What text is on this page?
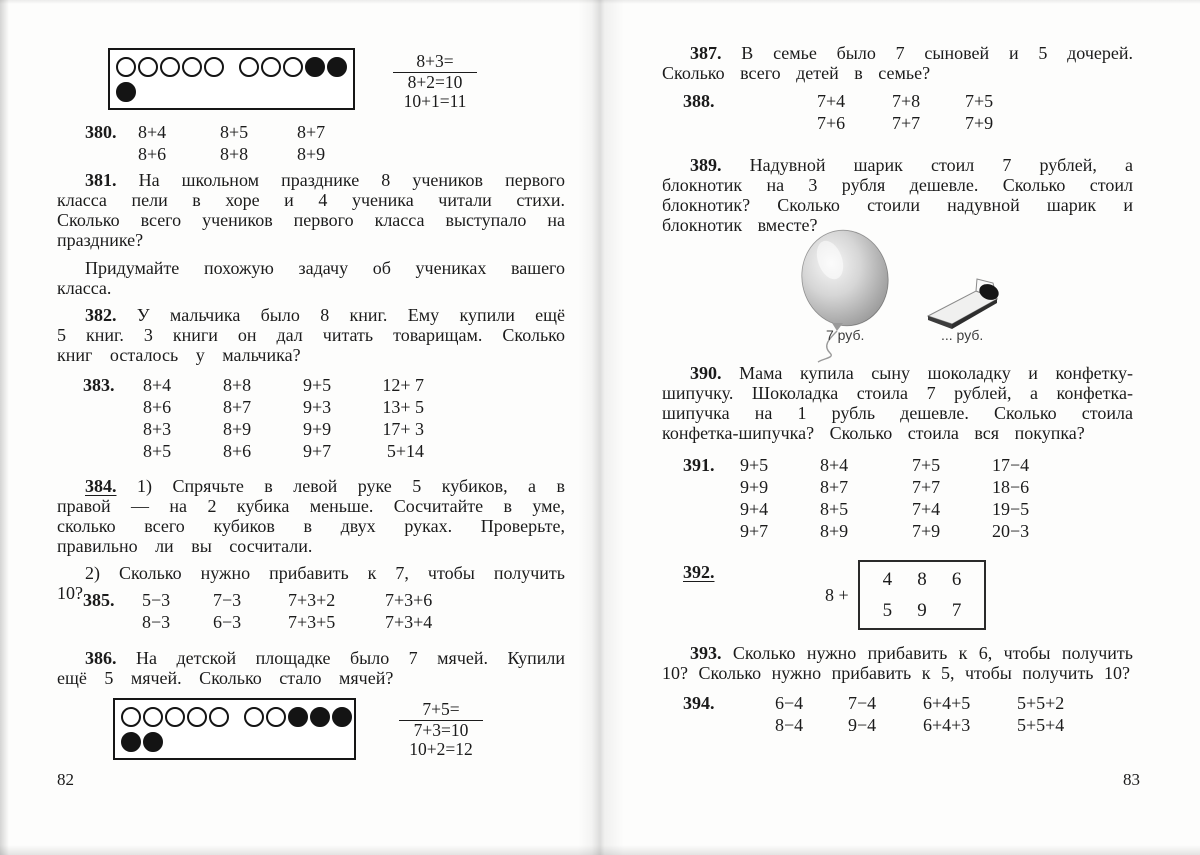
8+3=
8+2=10
10+1=11
380. 8+4	8+5	8+7
8+6	8+8	8+9

381. На школьном празднике 8 учеников первого класса пели в хоре и 4 ученика читали стихи. Сколько всего учеников первого класса выступало на празднике?

Придумайте похожую задачу об учениках вашего класса.

382. У мальчика было 8 книг. Ему купили ещё 5 книг. 3 книги он дал читать товарищам. Сколько книг осталось у мальчика?

383. 8+4	8+8	9+5	12+ 7
8+6	8+7	9+3	13+ 5
8+3	8+9	9+9	17+ 3
8+5	8+6	9+7	5+14

384. 1) Спрячьте в левой руке 5 кубиков, а в правой — на 2 кубика меньше. Сосчитайте в уме, сколько всего кубиков в двух руках. Проверьте, правильно ли вы сосчитали.

2) Сколько нужно прибавить к 7, чтобы получить 10? 385. 5−3 7−3	7+3+2	7+3+6
8−3 6−3	7+3+5	7+3+4

386. На детской площадке было 7 мячей. Купили ещё 5 мячей. Сколько стало мячей?

7+5=
7+3=10
10+2=12
82

387. В семье было 7 сыновей и 5 дочерей. Сколько всего детей в семье?

388.	7+4	7+8 7+5
7+6	7+7 7+9

389. Надувной шарик стоил 7 рублей, а блокнотик на 3 рубля дешевле. Сколько стоил блокнотик? Сколько стоили надувной шарик и блокнотик вместе?

7 руб.	... руб.

390. Мама купила сыну шоколадку и конфетку-шипучку. Шоколадка стоила 7 рублей, а конфетка-шипучка на 1 рубль дешевле. Сколько стоила конфетка-шипучка? Сколько стоила вся покупка?

391. 9+5	8+4	7+5	17−4
9+9	8+7	7+7	18−6
9+4	8+5	7+4	19−5
9+7	8+9	7+9	20−3
392.
8 +
4 8 6
5 9 7

393. Сколько нужно прибавить к 6, чтобы получить 10? Сколько нужно прибавить к 5, чтобы получить 10?

394.	6−4 7−4	6+4+5	5+5+2
8−4 9−4	6+4+3	5+5+4
83
